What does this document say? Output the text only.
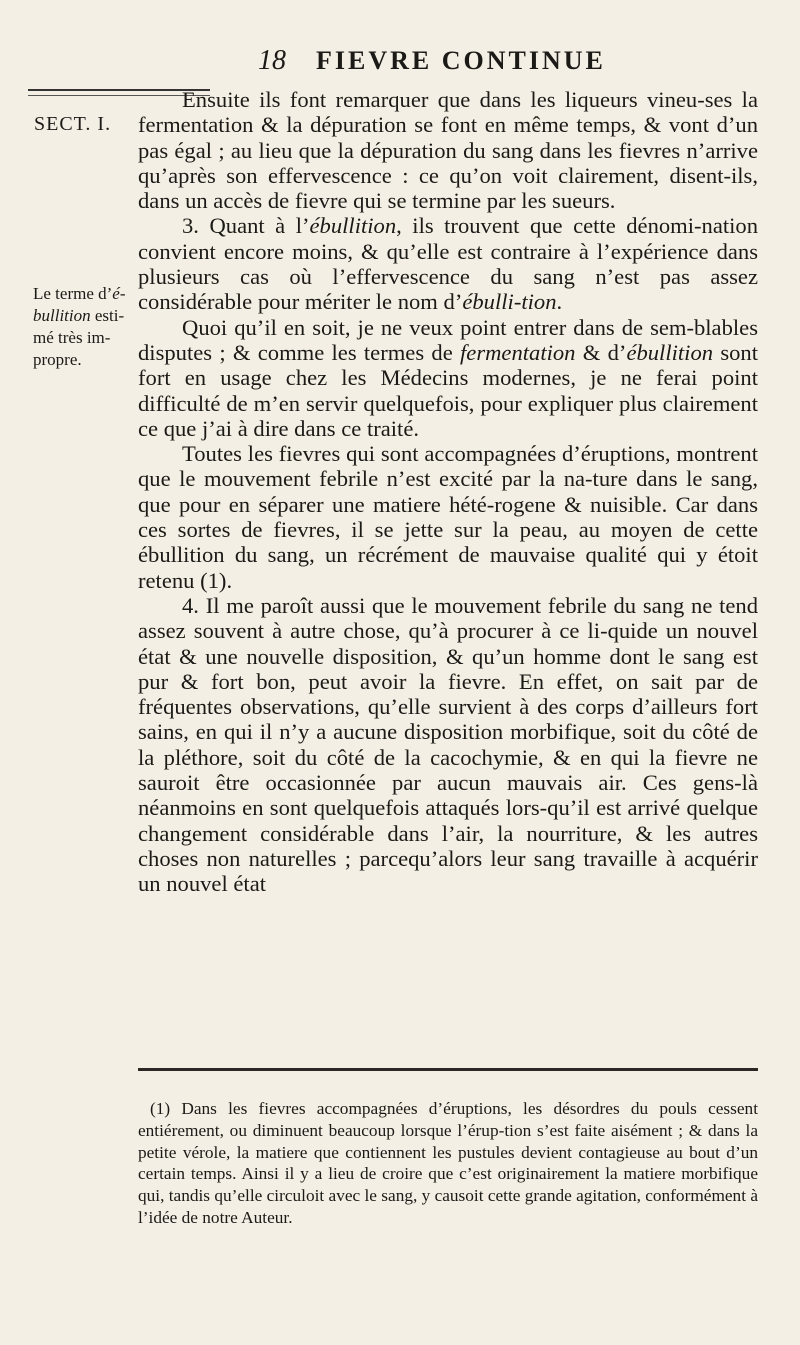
18 FIEVRE CONTINUE
SECT. I.
Le terme d’é-
bullition esti-
mé très im-
propre.

Ensuite ils font remarquer que dans les liqueurs vineu-ses la fermentation & la dépuration se font en même temps, & vont d’un pas égal ; au lieu que la dépuration du sang dans les fievres n’arrive qu’après son effervescence : ce qu’on voit clairement, disent-ils, dans un accès de fievre qui se termine par les sueurs.

3. Quant à l’ébullition, ils trouvent que cette dénomi-nation convient encore moins, & qu’elle est contraire à l’expérience dans plusieurs cas où l’effervescence du sang n’est pas assez considérable pour mériter le nom d’ébulli-tion.

Quoi qu’il en soit, je ne veux point entrer dans de sem-blables disputes ; & comme les termes de fermentation & d’ébullition sont fort en usage chez les Médecins modernes, je ne ferai point difficulté de m’en servir quelquefois, pour expliquer plus clairement ce que j’ai à dire dans ce traité.

Toutes les fievres qui sont accompagnées d’éruptions, montrent que le mouvement febrile n’est excité par la na-ture dans le sang, que pour en séparer une matiere hété-rogene & nuisible. Car dans ces sortes de fievres, il se jette sur la peau, au moyen de cette ébullition du sang, un récrément de mauvaise qualité qui y étoit retenu (1).

4. Il me paroît aussi que le mouvement febrile du sang ne tend assez souvent à autre chose, qu’à procurer à ce li-quide un nouvel état & une nouvelle disposition, & qu’un homme dont le sang est pur & fort bon, peut avoir la fievre. En effet, on sait par de fréquentes observations, qu’elle survient à des corps d’ailleurs fort sains, en qui il n’y a aucune disposition morbifique, soit du côté de la pléthore, soit du côté de la cacochymie, & en qui la fievre ne sauroit être occasionnée par aucun mauvais air. Ces gens-là néanmoins en sont quelquefois attaqués lors-qu’il est arrivé quelque changement considérable dans l’air, la nourriture, & les autres choses non naturelles ; parcequ’alors leur sang travaille à acquérir un nouvel état

(1) Dans les fievres accompagnées d’éruptions, les désordres du pouls cessent entiérement, ou diminuent beaucoup lorsque l’érup-tion s’est faite aisément ; & dans la petite vérole, la matiere que contiennent les pustules devient contagieuse au bout d’un certain temps. Ainsi il y a lieu de croire que c’est originairement la matiere morbifique qui, tandis qu’elle circuloit avec le sang, y causoit cette grande agitation, conformément à l’idée de notre Auteur.
